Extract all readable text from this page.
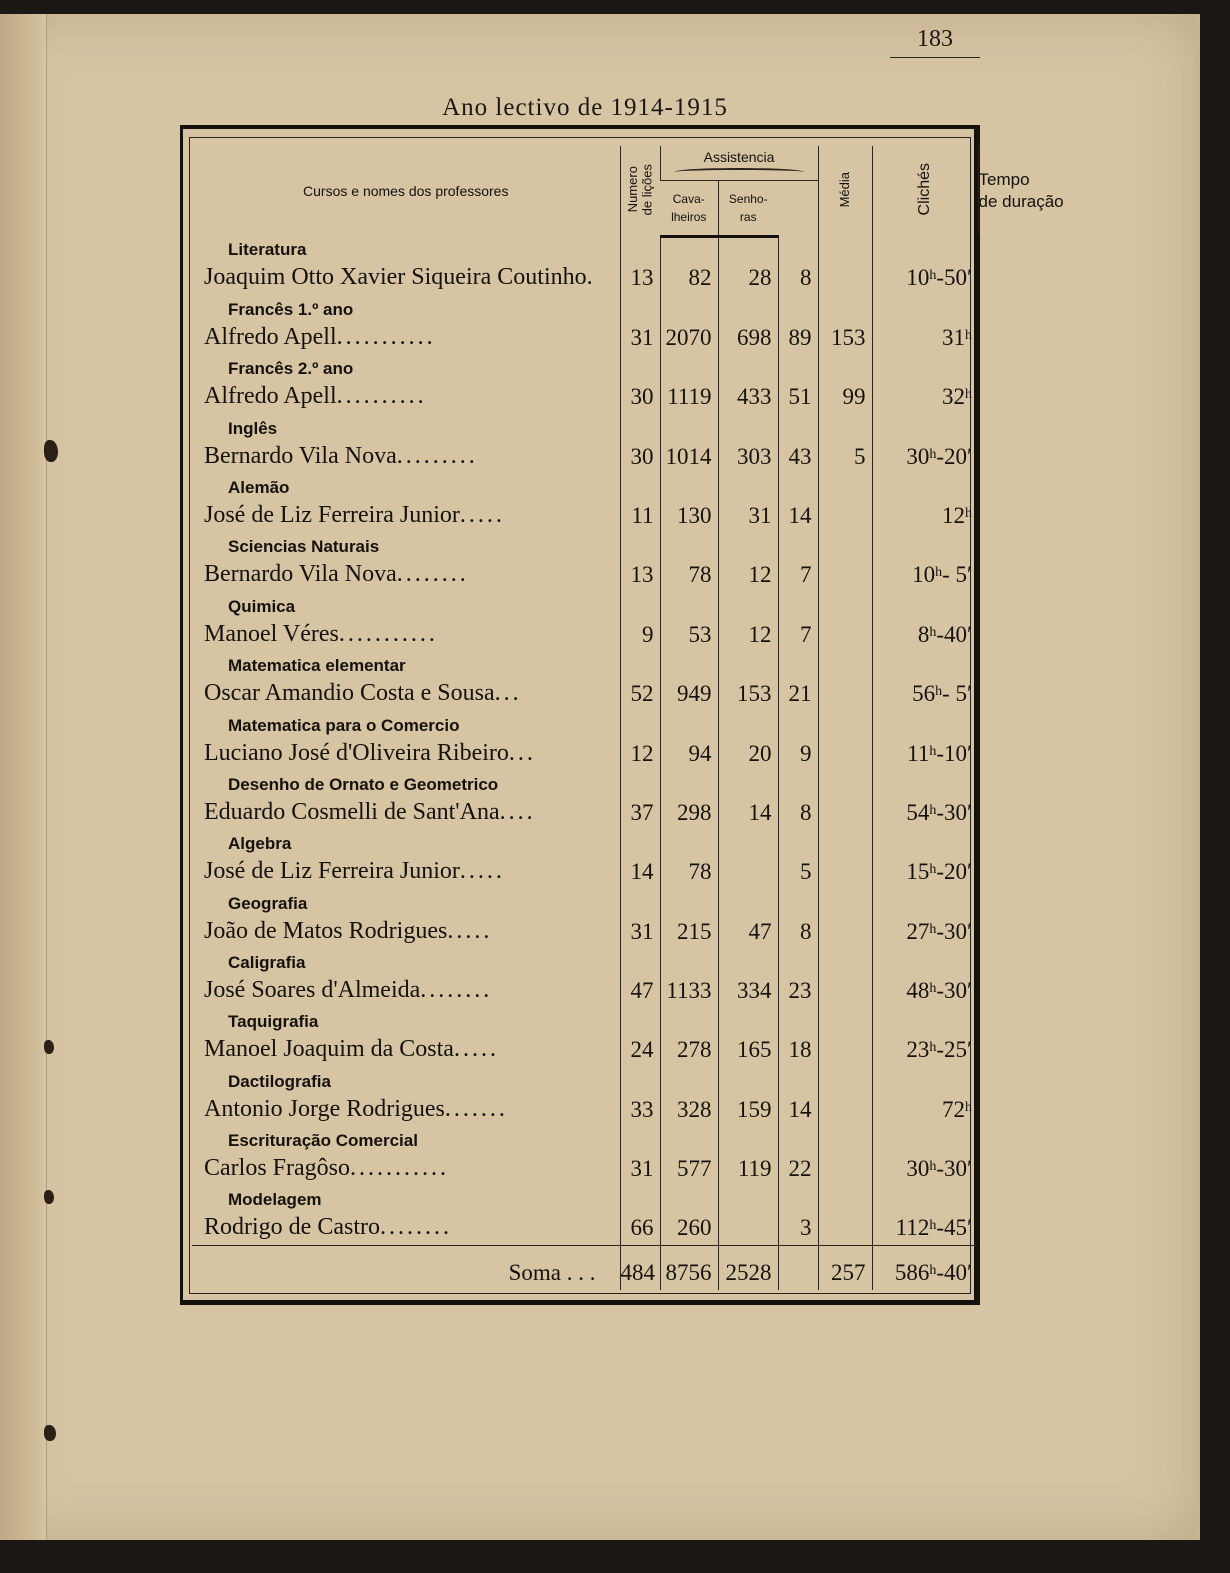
183
Ano lectivo de 1914-1915
Cursos e nomes dos professores	Numero
de lições	Assistencia			Média	Clichés	Tempo
de duração
		Cava-
lheiros	Senho-
ras				

Literatura
Joaquim Otto Xavier Siqueira Coutinho.	13	82	28	8		10$^h$-50′	

Francês 1.º ano
Alfredo Apell...........	31	2070	698	89	153	31$^h$

Francês 2.º ano
Alfredo Apell..........	30	1119	433	51	99	32$^h$

Inglês
Bernardo Vila Nova.........	30	1014	303	43	5	30$^h$-20′	

Alemão
José de Liz Ferreira Junior.....	11	130	31	14		12$^h$

Sciencias Naturais
Bernardo Vila Nova........	13	78	12	7		10$^h$- 5′	

Quimica
Manoel Véres...........	9	53	12	7		8$^h$-40′	

Matematica elementar
Oscar Amandio Costa e Sousa...	52	949	153	21		56$^h$- 5′	

Matematica para o Comercio
Luciano José d'Oliveira Ribeiro...	12	94	20	9		11$^h$-10′	

Desenho de Ornato e Geometrico
Eduardo Cosmelli de Sant'Ana....	37	298	14	8		54$^h$-30′	

Algebra
José de Liz Ferreira Junior.....	14	78		5		15$^h$-20′	

Geografia
João de Matos Rodrigues.....	31	215	47	8		27$^h$-30′	

Caligrafia
José Soares d'Almeida........	47	1133	334	23		48$^h$-30′	

Taquigrafia
Manoel Joaquim da Costa.....	24	278	165	18		23$^h$-25′	

Dactilografia
Antonio Jorge Rodrigues.......	33	328	159	14		72$^h$

Escrituração Comercial
Carlos Fragôso...........	31	577	119	22		30$^h$-30′	

Modelagem
Rodrigo de Castro........	66	260		3		112$^h$-45′	
Soma . . .	484	8756	2528		257	586$^h$-40′	
